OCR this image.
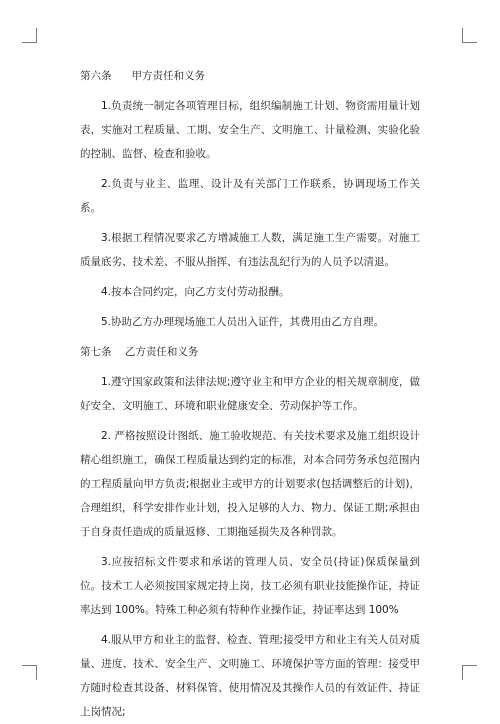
第六条      甲方责任和义务

1.负责统一制定各项管理目标，组织编制施工计划、物资需用量计划表，实施对工程质量、工期、安全生产、文明施工、计量检测、实验化验的控制、监督、检查和验收。

2.负责与业主、监理、设计及有关部门工作联系，协调现场工作关系。

3.根据工程情况要求乙方增减施工人数，满足施工生产需要。对施工质量底劣、技术差、不服从指挥、有违法乱纪行为的人员予以清退。

4.按本合同约定，向乙方支付劳动报酬。

5.协助乙方办理现场施工人员出入证件，其费用由乙方自理。

第七条    乙方责任和义务

1.遵守国家政策和法律法规;遵守业主和甲方企业的相关规章制度，做好安全、文明施工、环境和职业健康安全、劳动保护等工作。

2. 严格按照设计图纸、施工验收规范、有关技术要求及施工组织设计精心组织施工，确保工程质量达到约定的标准，对本合同劳务承包范围内的工程质量向甲方负责;根据业主或甲方的计划要求(包括调整后的计划)，合理组织，科学安排作业计划，投入足够的人力、物力、保证工期;承担由于自身责任造成的质量返修、工期拖延损失及各种罚款。

3.应按招标文件要求和承诺的管理人员、安全员(持证)保质保量到位。技术工人必须按国家规定持上岗，技工必须有职业技能操作证，持证率达到 100%。特殊工种必须有特种作业操作证，持证率达到 100%

4.服从甲方和业主的监督、检查、管理;接受甲方和业主有关人员对质量、进度、技术、安全生产、文明施工、环境保护等方面的管理：接受甲方随时检查其设备、材料保管、使用情况及其操作人员的有效证件、持证上岗情况;
